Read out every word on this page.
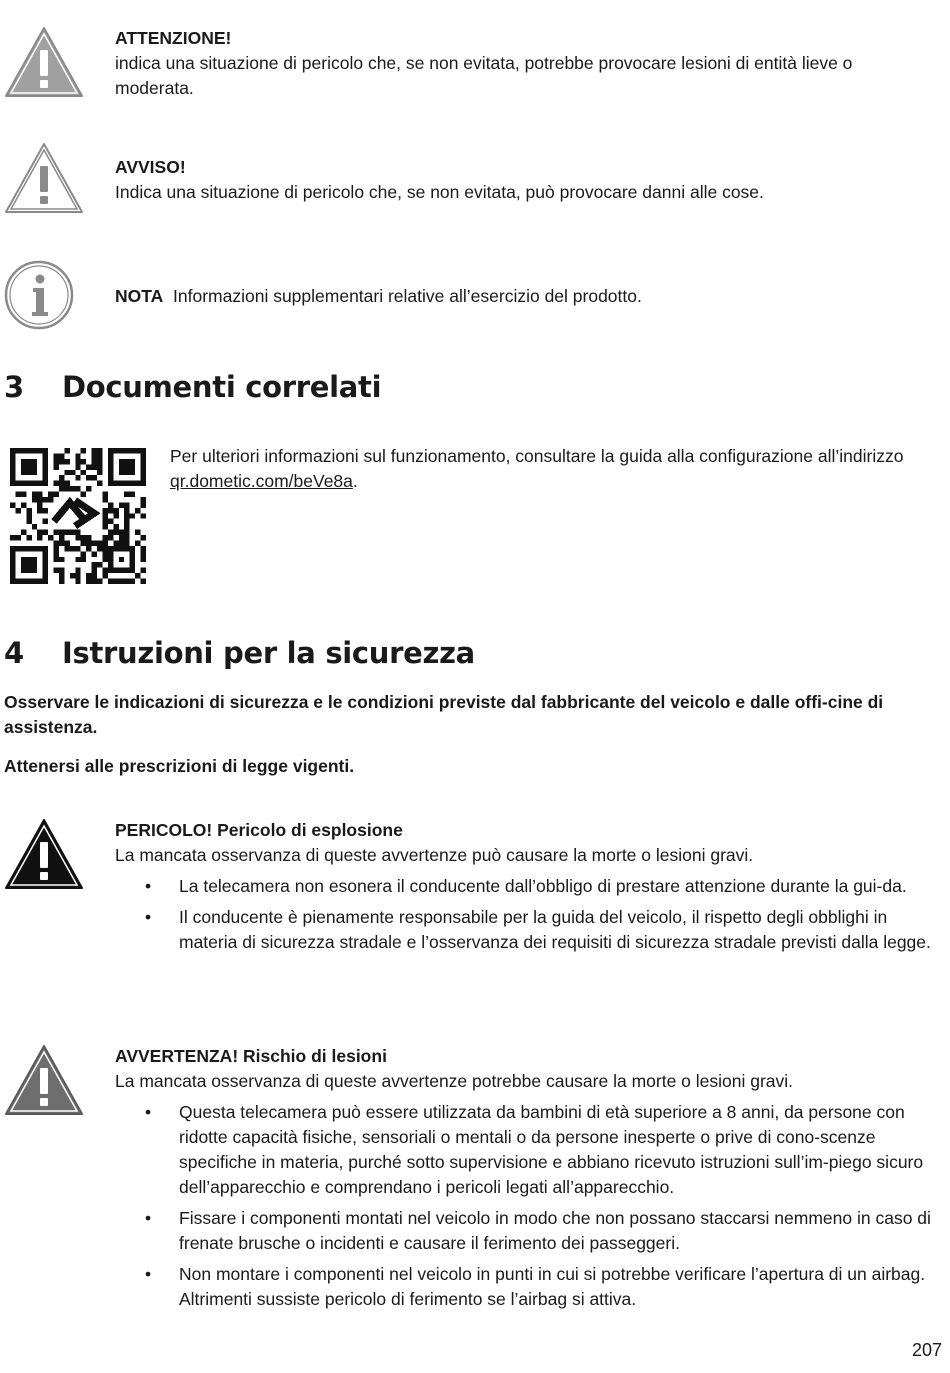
ATTENZIONE!
indica una situazione di pericolo che, se non evitata, potrebbe provocare lesioni di entità lieve o moderata.
AVVISO!
Indica una situazione di pericolo che, se non evitata, può provocare danni alle cose.
NOTA Informazioni supplementari relative all’esercizio del prodotto.
3 Documenti correlati
Per ulteriori informazioni sul funzionamento, consultare la guida alla configurazione all’indirizzo qr.dometic.com/beVe8a.
4 Istruzioni per la sicurezza
Osservare le indicazioni di sicurezza e le condizioni previste dal fabbricante del veicolo e dalle offi-cine di assistenza.
Attenersi alle prescrizioni di legge vigenti.
PERICOLO! Pericolo di esplosione
La mancata osservanza di queste avvertenze può causare la morte o lesioni gravi.
• La telecamera non esonera il conducente dall’obbligo di prestare attenzione durante la gui-da.
• Il conducente è pienamente responsabile per la guida del veicolo, il rispetto degli obblighi in materia di sicurezza stradale e l’osservanza dei requisiti di sicurezza stradale previsti dalla legge.
AVVERTENZA! Rischio di lesioni
La mancata osservanza di queste avvertenze potrebbe causare la morte o lesioni gravi.
• Questa telecamera può essere utilizzata da bambini di età superiore a 8 anni, da persone con ridotte capacità fisiche, sensoriali o mentali o da persone inesperte o prive di cono-scenze specifiche in materia, purché sotto supervisione e abbiano ricevuto istruzioni sull’im-piego sicuro dell’apparecchio e comprendano i pericoli legati all’apparecchio.
• Fissare i componenti montati nel veicolo in modo che non possano staccarsi nemmeno in caso di frenate brusche o incidenti e causare il ferimento dei passeggeri.
• Non montare i componenti nel veicolo in punti in cui si potrebbe verificare l’apertura di un airbag. Altrimenti sussiste pericolo di ferimento se l’airbag si attiva.
207
